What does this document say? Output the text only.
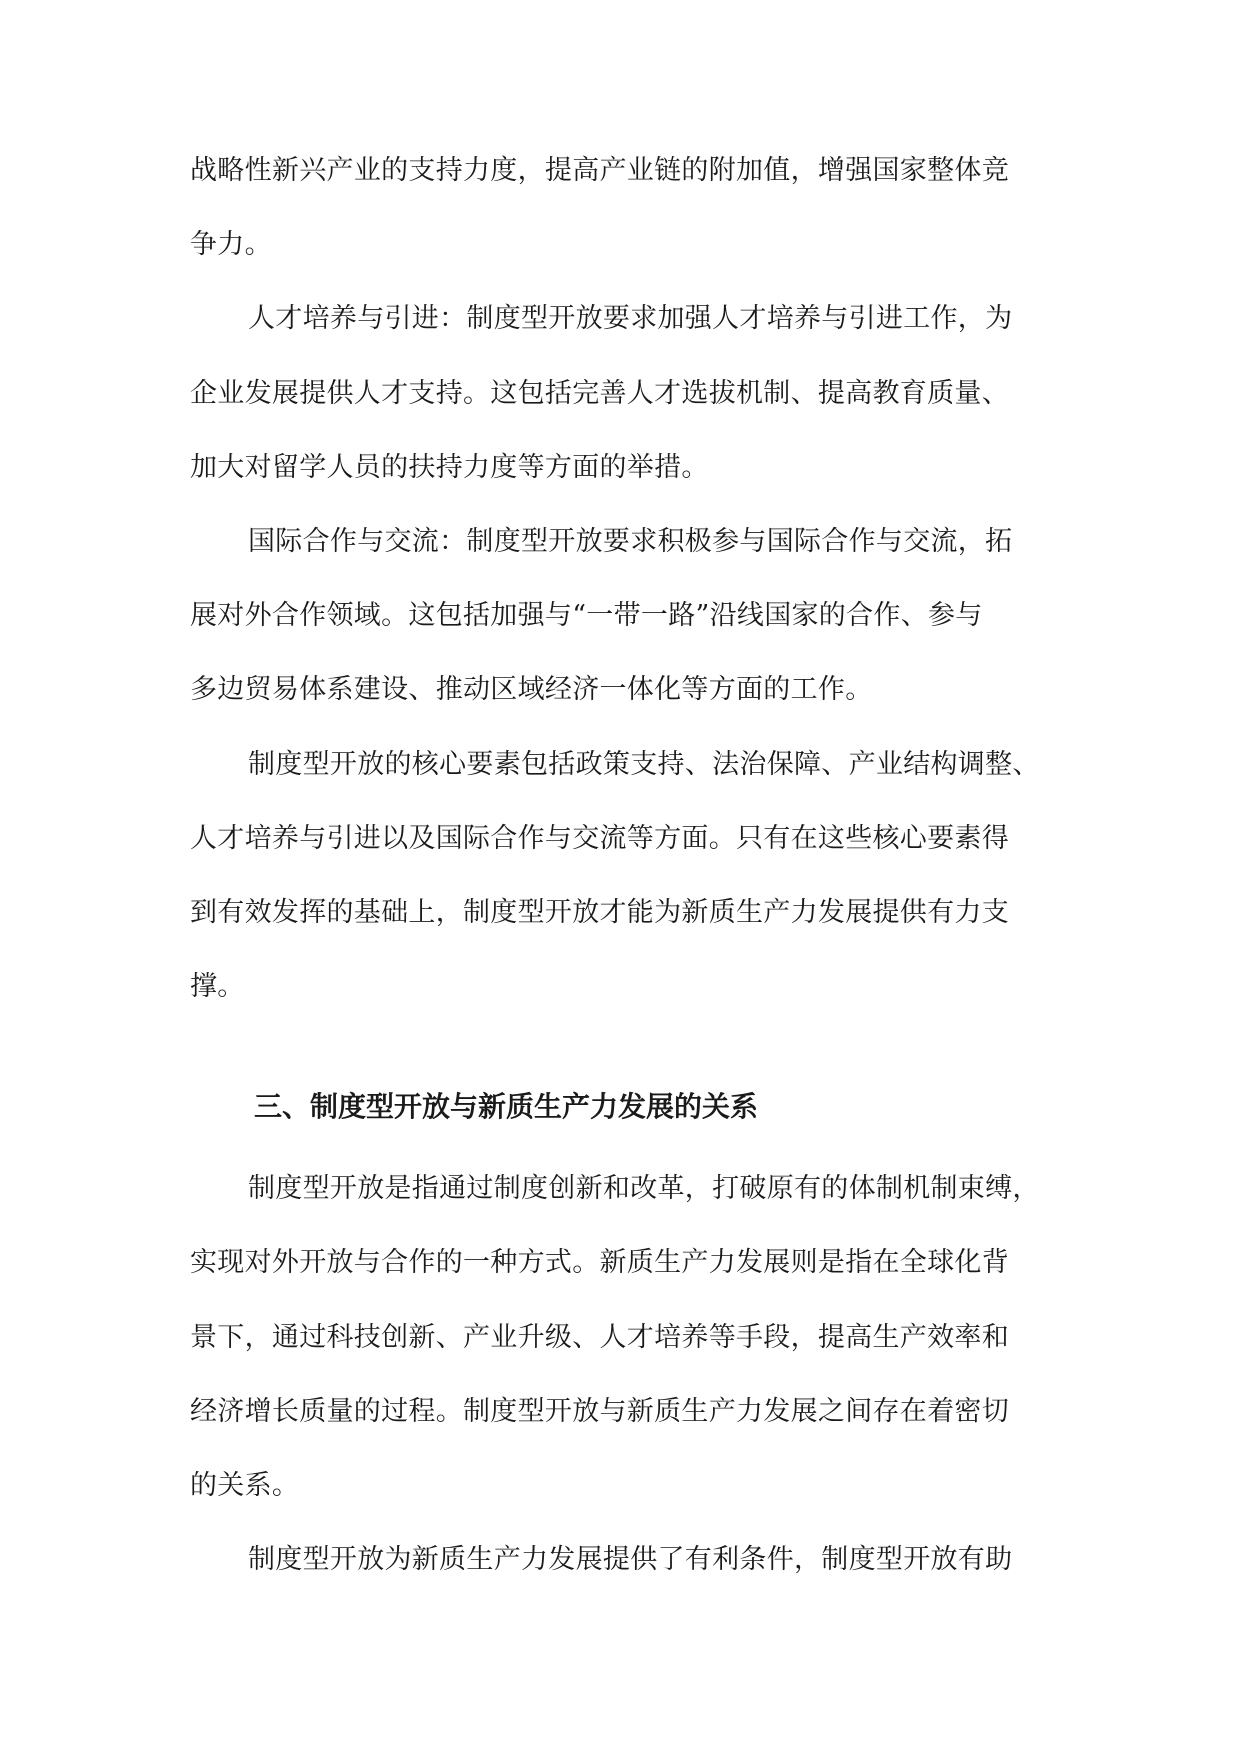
战略性新兴产业的支持力度，提高产业链的附加值，增强国家整体竞
争力。
人才培养与引进：制度型开放要求加强人才培养与引进工作，为
企业发展提供人才支持。这包括完善人才选拔机制、提高教育质量、
加大对留学人员的扶持力度等方面的举措。
国际合作与交流：制度型开放要求积极参与国际合作与交流，拓
展对外合作领域。这包括加强与“一带一路”沿线国家的合作、参与
多边贸易体系建设、推动区域经济一体化等方面的工作。
制度型开放的核心要素包括政策支持、法治保障、产业结构调整、
人才培养与引进以及国际合作与交流等方面。只有在这些核心要素得
到有效发挥的基础上，制度型开放才能为新质生产力发展提供有力支
撑。
三、制度型开放与新质生产力发展的关系
制度型开放是指通过制度创新和改革，打破原有的体制机制束缚，
实现对外开放与合作的一种方式。新质生产力发展则是指在全球化背
景下，通过科技创新、产业升级、人才培养等手段，提高生产效率和
经济增长质量的过程。制度型开放与新质生产力发展之间存在着密切
的关系。
制度型开放为新质生产力发展提供了有利条件，制度型开放有助
